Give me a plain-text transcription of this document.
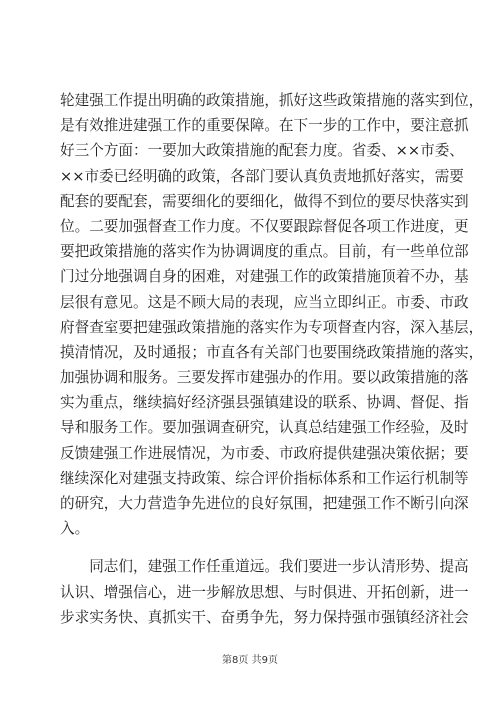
轮建强工作提出明确的政策措施，抓好这些政策措施的落实到位，
是有效推进建强工作的重要保障。在下一步的工作中，要注意抓
好三个方面：一要加大政策措施的配套力度。省委、××市委、
××市委已经明确的政策，各部门要认真负责地抓好落实，需要
配套的要配套，需要细化的要细化，做得不到位的要尽快落实到
位。二要加强督查工作力度。不仅要跟踪督促各项工作进度，更
要把政策措施的落实作为协调调度的重点。目前，有一些单位部
门过分地强调自身的困难，对建强工作的政策措施顶着不办，基
层很有意见。这是不顾大局的表现，应当立即纠正。市委、市政
府督查室要把建强政策措施的落实作为专项督查内容，深入基层，
摸清情况，及时通报；市直各有关部门也要围绕政策措施的落实，
加强协调和服务。三要发挥市建强办的作用。要以政策措施的落
实为重点，继续搞好经济强县强镇建设的联系、协调、督促、指
导和服务工作。要加强调查研究，认真总结建强工作经验，及时
反馈建强工作进展情况，为市委、市政府提供建强决策依据；要
继续深化对建强支持政策、综合评价指标体系和工作运行机制等
的研究，大力营造争先进位的良好氛围，把建强工作不断引向深
入。
　　同志们，建强工作任重道远。我们要进一步认清形势、提高
认识、增强信心，进一步解放思想、与时俱进、开拓创新，进一
步求实务快、真抓实干、奋勇争先，努力保持强市强镇经济社会
第8页 共9页
